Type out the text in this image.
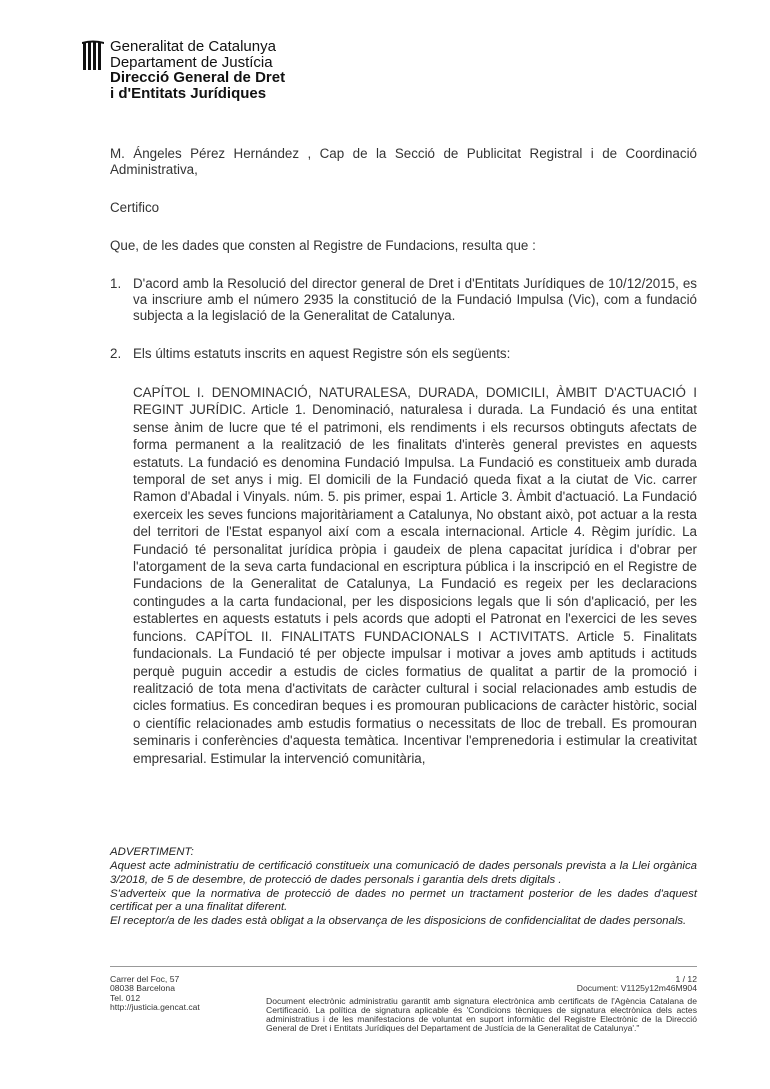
Generalitat de Catalunya
Departament de Justícia
Direcció General de Dret
i d'Entitats Jurídiques

M. Ángeles Pérez Hernández , Cap de la Secció de Publicitat Registral i de Coordinació Administrativa,

Certifico

Que, de les dades que consten al Registre de Fundacions, resulta que :

1. D'acord amb la Resolució del director general de Dret i d'Entitats Jurídiques de 10/12/2015, es va inscriure amb el número 2935 la constitució de la Fundació Impulsa (Vic), com a fundació subjecta a la legislació de la Generalitat de Catalunya.

2. Els últims estatuts inscrits en aquest Registre són els següents:

CAPÍTOL I. DENOMINACIÓ, NATURALESA, DURADA, DOMICILI, ÀMBIT D'ACTUACIÓ I REGINT JURÍDIC. Article 1. Denominació, naturalesa i durada. La Fundació és una entitat sense ànim de lucre que té el patrimoni, els rendiments i els recursos obtinguts afectats de forma permanent a la realització de les finalitats d'interès general previstes en aquests estatuts. La fundació es denomina Fundació Impulsa. La Fundació es constitueix amb durada temporal de set anys i mig. El domicili de la Fundació queda fixat a la ciutat de Vic. carrer Ramon d'Abadal i Vinyals. núm. 5. pis primer, espai 1. Article 3. Àmbit d'actuació. La Fundació exerceix les seves funcions majoritàriament a Catalunya, No obstant això, pot actuar a la resta del territori de l'Estat espanyol així com a escala internacional. Article 4. Règim jurídic. La Fundació té personalitat jurídica pròpia i gaudeix de plena capacitat jurídica i d'obrar per l'atorgament de la seva carta fundacional en escriptura pública i la inscripció en el Registre de Fundacions de la Generalitat de Catalunya, La Fundació es regeix per les declaracions contingudes a la carta fundacional, per les disposicions legals que li són d'aplicació, per les establertes en aquests estatuts i pels acords que adopti el Patronat en l'exercici de les seves funcions. CAPÍTOL II. FINALITATS FUNDACIONALS I ACTIVITATS. Article 5. Finalitats fundacionals. La Fundació té per objecte impulsar i motivar a joves amb aptituds i actituds perquè puguin accedir a estudis de cicles formatius de qualitat a partir de la promoció i realització de tota mena d'activitats de caràcter cultural i social relacionades amb estudis de cicles formatius. Es concediran beques i es promouran publicacions de caràcter històric, social o científic relacionades amb estudis formatius o necessitats de lloc de treball. Es promouran seminaris i conferències d'aquesta temàtica. Incentivar l'emprenedoria i estimular la creativitat empresarial. Estimular la intervenció comunitària,

ADVERTIMENT:

Aquest acte administratiu de certificació constitueix una comunicació de dades personals prevista a la Llei orgànica 3/2018, de 5 de desembre, de protecció de dades personals i garantia dels drets digitals .

S'adverteix que la normativa de protecció de dades no permet un tractament posterior de les dades d'aquest certificat per a una finalitat diferent.

El receptor/a de les dades està obligat a la observança de les disposicions de confidencialitat de dades personals.

Carrer del Foc, 57
08038 Barcelona
Tel. 012
http://justicia.gencat.cat
1 / 12
Document: V1125y12m46M904
Document electrònic administratiu garantit amb signatura electrònica amb certificats de l'Agència Catalana de Certificació. La política de signatura aplicable és 'Condicions tècniques de signatura electrònica dels actes administratius i de les manifestacions de voluntat en suport informàtic del Registre Electrònic de la Direcció General de Dret i Entitats Jurídiques del Departament de Justícia de la Generalitat de Catalunya'."
